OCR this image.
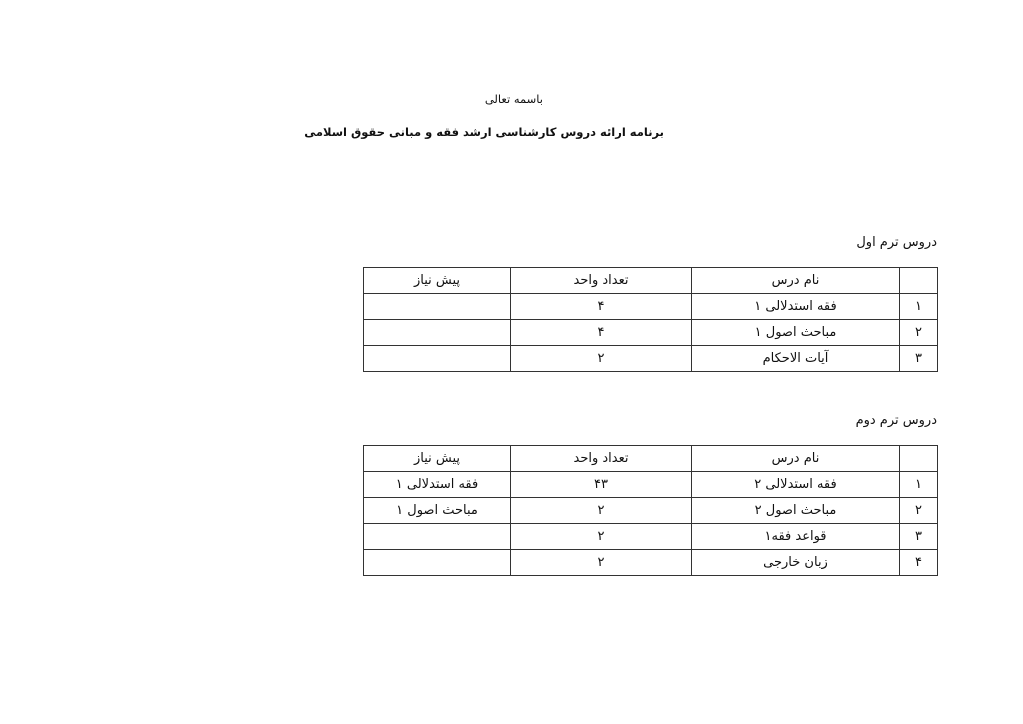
باسمه تعالی
برنامه ارائه دروس کارشناسی ارشد فقه و مبانی حقوق اسلامی
دروس ترم اول
	نام درس	تعداد واحد	پیش نیاز
۱	فقه استدلالی ۱	۴	
۲	مباحث اصول ۱	۴	
۳	آیات الاحکام	۲	
دروس ترم دوم
	نام درس	تعداد واحد	پیش نیاز
۱	فقه استدلالی ۲	۴۳	فقه استدلالی ۱
۲	مباحث اصول ۲	۲	مباحث اصول ۱
۳	قواعد فقه۱	۲	
۴	زبان خارجی	۲	
